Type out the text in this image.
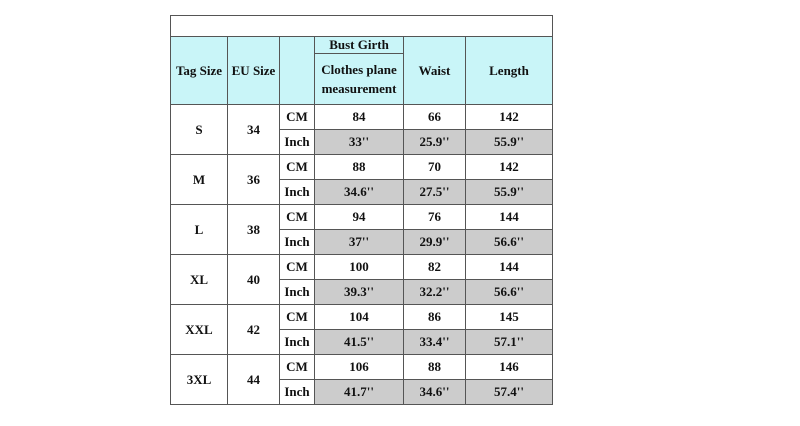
Tag Size	EU Size		Bust Girth	Waist	Length
			Clothes plane
measurement		
S	34	CM	84	66	142
		Inch	33''	25.9''	55.9''
M	36	CM	88	70	142
		Inch	34.6''	27.5''	55.9''
L	38	CM	94	76	144
		Inch	37''	29.9''	56.6''
XL	40	CM	100	82	144
		Inch	39.3''	32.2''	56.6''
XXL	42	CM	104	86	145
		Inch	41.5''	33.4''	57.1''
3XL	44	CM	106	88	146
		Inch	41.7''	34.6''	57.4''
